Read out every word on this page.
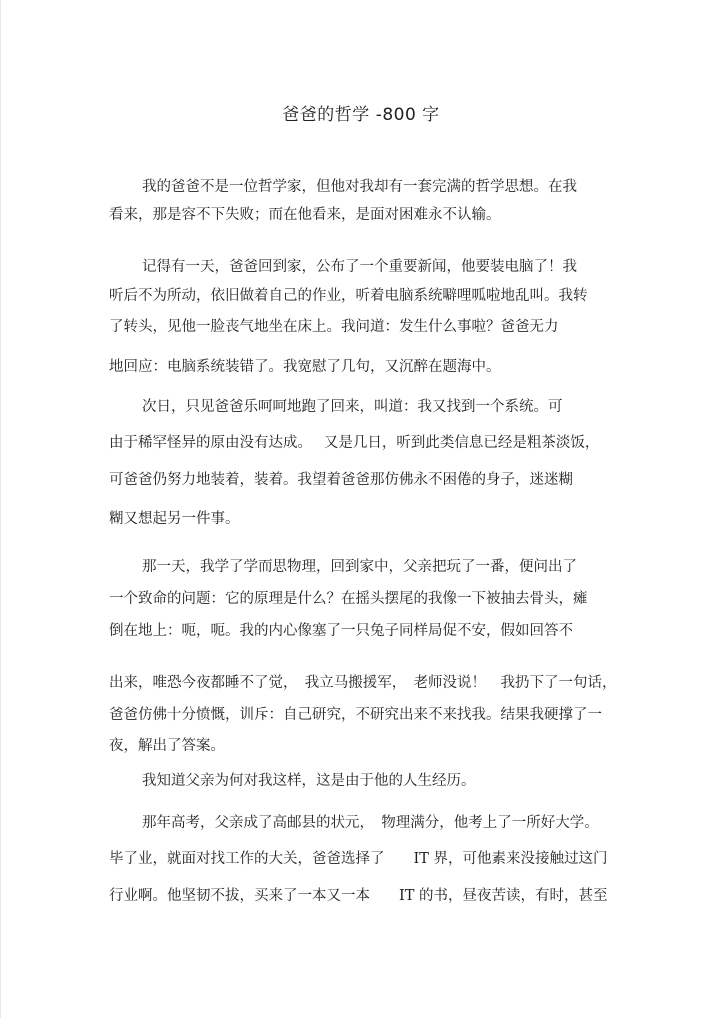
爸爸的哲学 -800 字
我的爸爸不是一位哲学家，但他对我却有一套完满的哲学思想。在我
看来，那是容不下失败；而在他看来，是面对困难永不认输。
记得有一天，爸爸回到家，公布了一个重要新闻，他要装电脑了！我
听后不为所动，依旧做着自己的作业，听着电脑系统噼哩呱啦地乱叫。我转
了转头，见他一脸丧气地坐在床上。我问道：发生什么事啦？爸爸无力
地回应：电脑系统装错了。我宽慰了几句，又沉醉在题海中。
次日，只见爸爸乐呵呵地跑了回来，叫道：我又找到一个系统。可
由于稀罕怪异的原由没有达成。　 又是几日，听到此类信息已经是粗茶淡饭，
可爸爸仍努力地装着，装着。我望着爸爸那仿佛永不困倦的身子，迷迷糊
糊又想起另一件事。
那一天，我学了学而思物理，回到家中，父亲把玩了一番，便问出了
一个致命的问题：它的原理是什么？在摇头摆尾的我像一下被抽去骨头，瘫
倒在地上：呃，呃。我的内心像塞了一只兔子同样局促不安，假如回答不
出来，唯恐今夜都睡不了觉，　我立马搬援军，　老师没说！　我扔下了一句话，
爸爸仿佛十分愤慨，训斥：自己研究，不研究出来不来找我。结果我硬撑了一
夜，解出了答案。
我知道父亲为何对我这样，这是由于他的人生经历。
那年高考，父亲成了高邮县的状元，　物理满分，他考上了一所好大学。
毕了业，就面对找工作的大关，爸爸选择了　　IT 界，可他素来没接触过这门
行业啊。他坚韧不拔，买来了一本又一本　　IT 的书，昼夜苦读，有时，甚至
